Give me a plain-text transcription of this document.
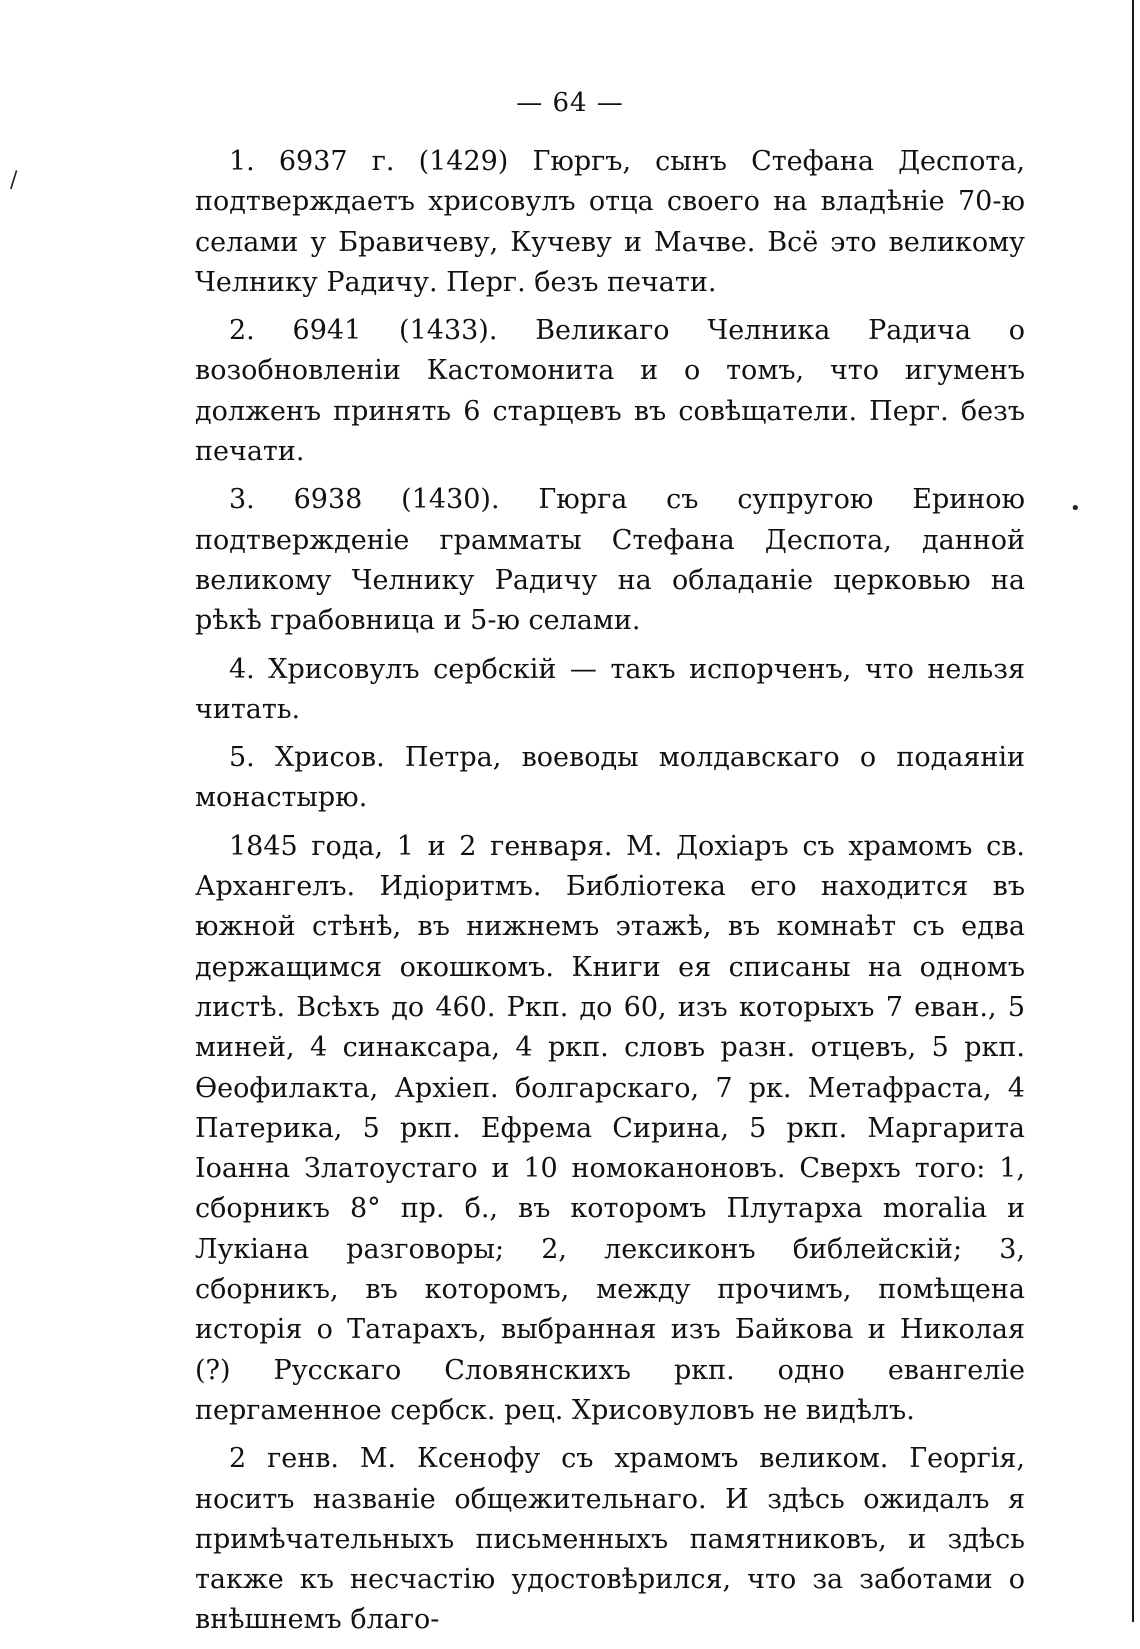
/
•
— 64 —

1. 6937 г. (1429) Гюргъ, сынъ Стефана Деспота, подтверждаетъ хрисовулъ отца своего на владѣніе 70-ю селами у Бравичеву, Кучеву и Мачве. Всё это великому Челнику Радичу. Перг. безъ печати.

2. 6941 (1433). Великаго Челника Радича о возобновленіи Кастомонита и о томъ, что игуменъ долженъ принять 6 старцевъ въ совѣщатели. Перг. безъ печати.

3. 6938 (1430). Гюрга съ супругою Ериною подтвержденіе грамматы Стефана Деспота, данной великому Челнику Радичу на обладаніе церковью на рѣкѣ грабовница и 5-ю селами.

4. Хрисовулъ сербскій — такъ испорченъ, что нельзя читать.

5. Хрисов. Петра, воеводы молдавскаго о подаяніи монастырю.

1845 года, 1 и 2 генваря. М. Дохіаръ съ храмомъ св. Архангелъ. Идіоритмъ. Библіотека его находится въ южной стѣнѣ, въ нижнемъ этажѣ, въ комнаѣт съ едва держащимся окошкомъ. Книги ея списаны на одномъ листѣ. Всѣхъ до 460. Ркп. до 60, изъ которыхъ 7 еван., 5 миней, 4 синаксара, 4 ркп. словъ разн. отцевъ, 5 ркп. Ѳеофилакта, Архіеп. болгарскаго, 7 рк. Метафраста, 4 Патерика, 5 ркп. Ефрема Сирина, 5 ркп. Маргарита Іоанна Златоустаго и 10 номоканоновъ. Сверхъ того: 1, сборникъ 8° пр. б., въ которомъ Плутарха moralia и Лукіана разговоры; 2, лексиконъ библейскій; 3, сборникъ, въ которомъ, между прочимъ, помѣщена исторія о Татарахъ, выбранная изъ Байкова и Николая (?) Русскаго Словянскихъ ркп. одно евангеліе пергаменное сербск. рец. Хрисовуловъ не видѣлъ.

2 генв. М. Ксенофу съ храмомъ великом. Георгія, носитъ названіе общежительнаго. И здѣсь ожидалъ я примѣчательныхъ письменныхъ памятниковъ, и здѣсь также къ несчастію удостовѣрился, что за заботами о внѣшнемъ благо-
